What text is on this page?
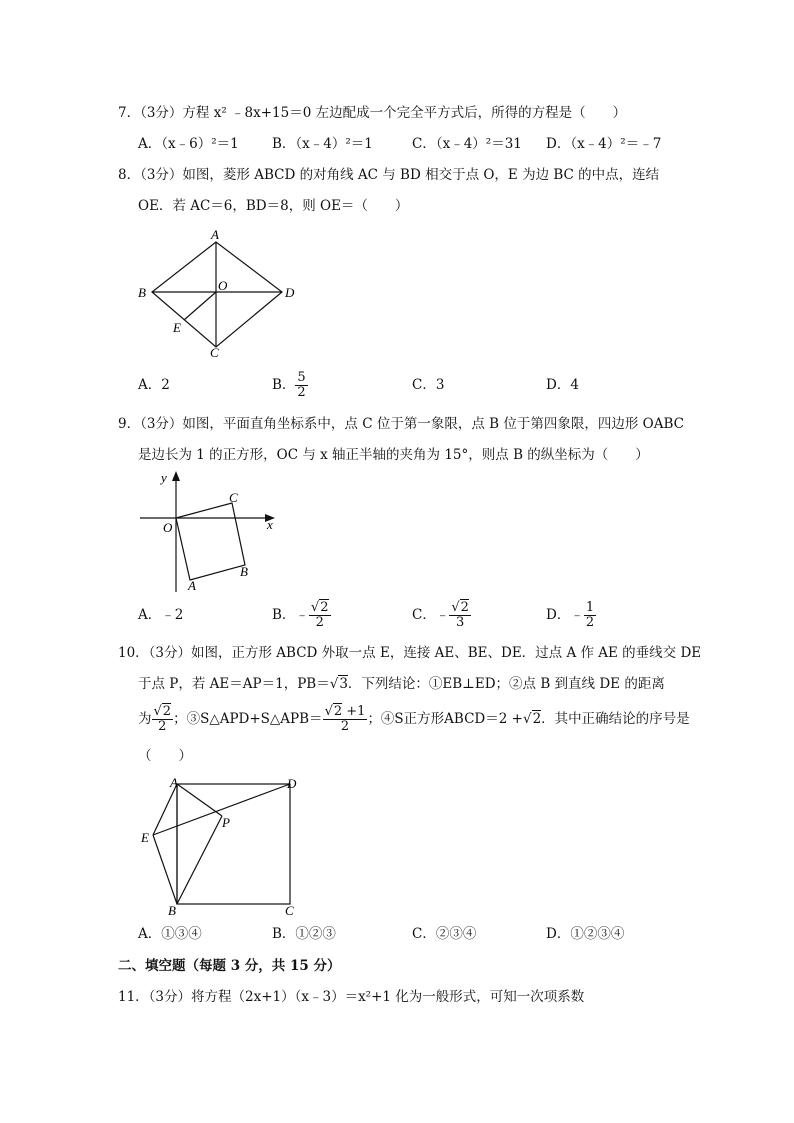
7．（3分）方程 x² ﹣8x+15＝0 左边配成一个完全平方式后，所得的方程是（　　）
A．（x﹣6）²＝1 B．（x﹣4）²＝1	C．（x﹣4）²＝31 D．（x﹣4）²＝﹣7
8．（3分）如图，菱形 ABCD 的对角线 AC 与 BD 相交于点 O，E 为边 BC 的中点，连结
OE．若 AC＝6，BD＝8，则 OE＝（　　）
A
B	O	D
E
C
A．2	B． $\frac{5}{2}$	C．3	D．4
9．（3分）如图，平面直角坐标系中，点 C 位于第一象限，点 B 位于第四象限，四边形 OABC
是边长为 1 的正方形，OC 与 x 轴正半轴的夹角为 15°，则点 B 的纵坐标为（　　）
y
C
O	x
B
A
A．﹣2	B．﹣ $\frac{√2}{2}$	C．﹣ $\frac{√2}{3}$	D．﹣ $\frac{1}{2}$
10．（3分）如图，正方形 ABCD 外取一点 E，连接 AE、BE、DE．过点 A 作 AE 的垂线交 DE
于点 P，若 AE＝AP＝1，PB＝√3．下列结论：①EB⊥ED；②点 B 到直线 DE 的距离
为 $\frac{√2}{2}$ ；③S△APD+S△APB＝ $\frac{√2 +1}{2}$ ；④S正方形ABCD＝2 +√2．其中正确结论的序号是
（　　）
A	D
P
E
B	C
A．①③④	B．①②③	C．②③④	D．①②③④
二、填空题（每题 3 分，共 15 分）
11．（3分）将方程（2x+1）（x﹣3）＝x²+1 化为一般形式，可知一次项系数
